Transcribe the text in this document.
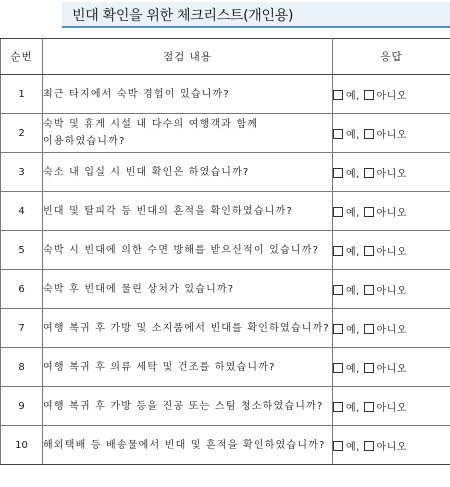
빈대 확인을 위한 체크리스트(개인용)
순번	점검 내용	응답
1	최근 타지에서 숙박 경험이 있습니까?	예, 아니오
2	숙박 및 휴게 시설 내 다수의 여행객과 함께 이용하였습니까?	예, 아니오
3	숙소 내 입실 시 빈대 확인은 하였습니까?	예, 아니오
4	빈대 및 탈피각 등 빈대의 흔적을 확인하였습니까?	예, 아니오
5	숙박 시 빈대에 의한 수면 방해를 받으신적이 있습니까?	예, 아니오
6	숙박 후 빈대에 물린 상처가 있습니까?	예, 아니오
7	여행 복귀 후 가방 및 소지품에서 빈대를 확인하였습니까?	예, 아니오
8	여행 복귀 후 의류 세탁 및 건조를 하였습니까?	예, 아니오
9	여행 복귀 후 가방 등을 진공 또는 스팀 청소하였습니까?	예, 아니오
10	해외택배 등 배송물에서 빈대 및 흔적을 확인하였습니까?	예, 아니오
